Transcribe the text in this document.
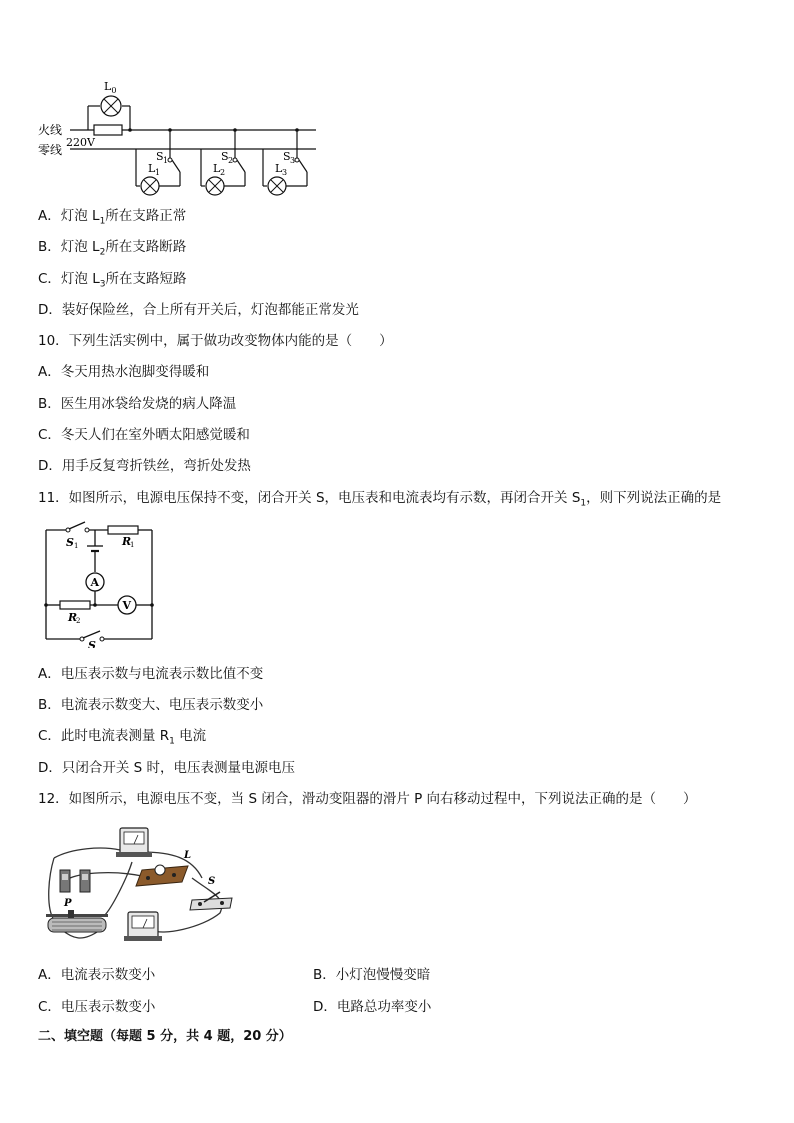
火线
零线
220V
$L_0$
L 1
S 1
L 2
S 2
L 3
S 3
A．灯泡 $L_1$所在支路正常
B．灯泡 $L_2$所在支路断路
C．灯泡 $L_3$所在支路短路
D．装好保险丝，合上所有开关后，灯泡都能正常发光
10．下列生活实例中，属于做功改变物体内能的是（　　）
A．冬天用热水泡脚变得暖和
B．医生用冰袋给发烧的病人降温
C．冬天人们在室外晒太阳感觉暖和
D．用手反复弯折铁丝，弯折处发热
11．如图所示，电源电压保持不变，闭合开关 S，电压表和电流表均有示数，再闭合开关 $S_1$，则下列说法正确的是
A
V
S 1	R
1
R
2
S
A．电压表示数与电流表示数比值不变
B．电流表示数变大、电压表示数变小
C．此时电流表测量 $R_1$ 电流
D．只闭合开关 S 时，电压表测量电源电压
12．如图所示，电源电压不变，当 S 闭合，滑动变阻器的滑片 P 向右移动过程中，下列说法正确的是（　　）
L
S
P
A．电流表示数变小	B．小灯泡慢慢变暗
C．电压表示数变小	D．电路总功率变小
二、填空题（每题 5 分，共 4 题，20 分）
